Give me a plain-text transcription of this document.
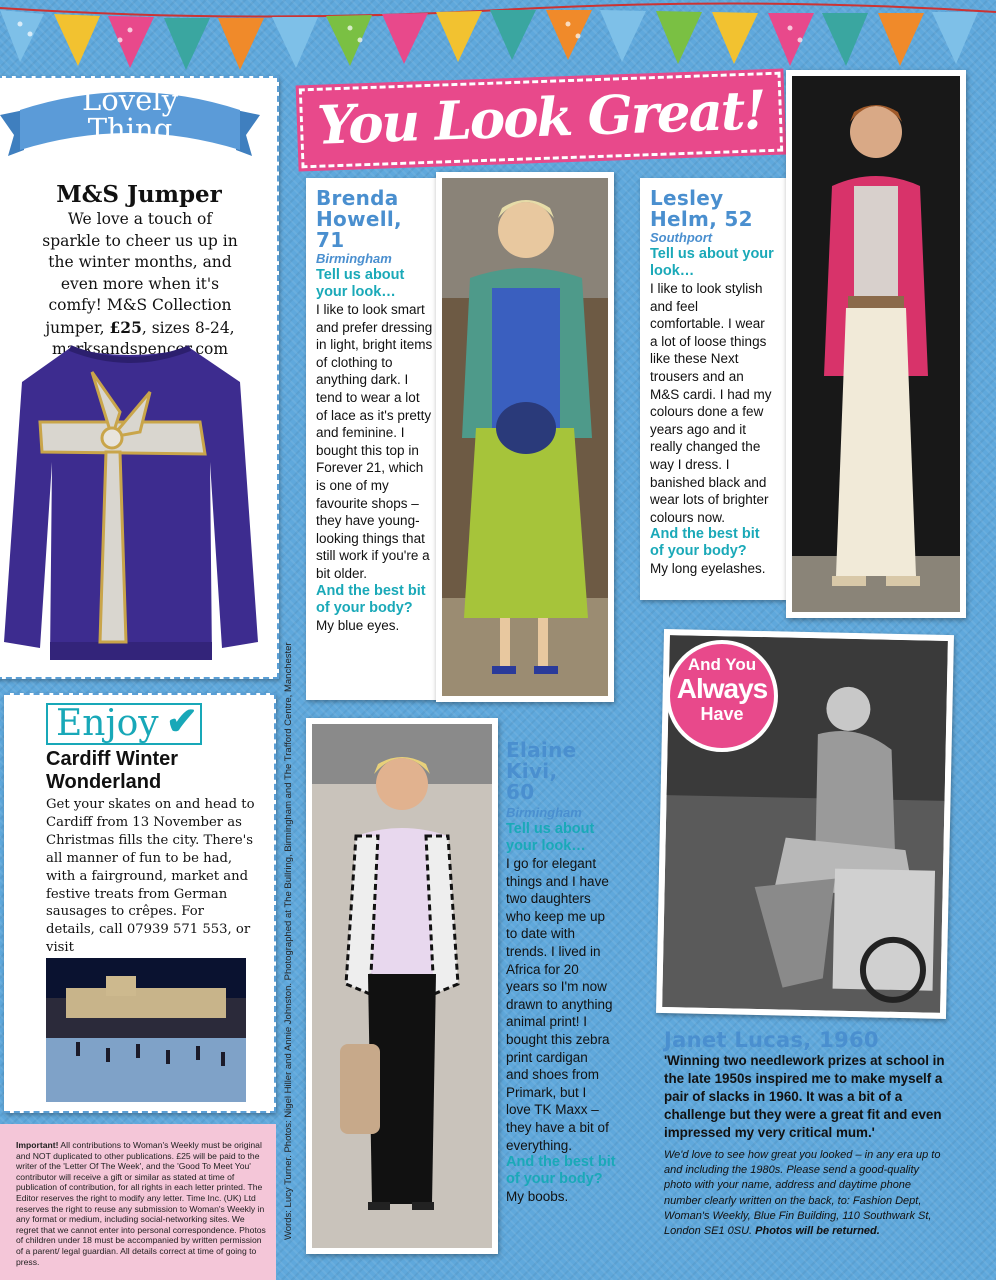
Lovely
Thing
M&S Jumper
We love a touch of sparkle to cheer us up in the winter months, and even more when it's comfy! M&S Collection jumper, £25, sizes 8-24, marksandspencer.com
Enjoy ✔
Cardiff Winter Wonderland
Get your skates on and head to Cardiff from 13 November as Christmas fills the city. There's all manner of fun to be had, with a fairground, market and festive treats from German sausages to crêpes. For details, call 07939 571 553, or visit
Important! All contributions to Woman's Weekly must be original and NOT duplicated to other publications. £25 will be paid to the writer of the 'Letter Of The Week', and the 'Good To Meet You' contributor will receive a gift or similar as stated at time of publication of contribution, for all rights in each letter printed. The Editor reserves the right to modify any letter. Time Inc. (UK) Ltd reserves the right to reuse any submission to Woman's Weekly in any format or medium, including social-networking sites. We regret that we cannot enter into personal correspondence. Photos of children under 18 must be accompanied by written permission of a parent/ legal guardian. All details correct at time of going to press.
Words: Lucy Turner. Photos: Nigel Hiller and Annie Johnston. Photographed at The Bullring, Birmingham and The Trafford Centre, Manchester
You Look Great!
Brenda
Howell, 71
Birmingham
Tell us about your look…
I like to look smart and prefer dressing in light, bright items of clothing to anything dark. I tend to wear a lot of lace as it's pretty and feminine. I bought this top in Forever 21, which is one of my favourite shops – they have young-looking things that still work if you're a bit older.
And the best bit of your body?
My blue eyes.
Lesley
Helm, 52
Southport
Tell us about your look…
I like to look stylish and feel comfortable. I wear a lot of loose things like these Next trousers and an M&S cardi. I had my colours done a few years ago and it really changed the way I dress. I banished black and wear lots of brighter colours now.
And the best bit of your body?
My long eyelashes.
Elaine Kivi,
60
Birmingham
Tell us about your look…
I go for elegant things and I have two daughters who keep me up to date with trends. I lived in Africa for 20 years so I'm now drawn to anything animal print! I bought this zebra print cardigan and shoes from Primark, but I love TK Maxx – they have a bit of everything.
And the best bit of your body?
My boobs.
And You
Always
Have
Janet Lucas, 1960
'Winning two needlework prizes at school in the late 1950s inspired me to make myself a pair of slacks in 1960. It was a bit of a challenge but they were a great fit and even impressed my very critical mum.'
We'd love to see how great you looked – in any era up to and including the 1980s. Please send a good-quality photo with your name, address and daytime phone number clearly written on the back, to: Fashion Dept, Woman's Weekly, Blue Fin Building, 110 Southwark St, London SE1 0SU. Photos will be returned.
